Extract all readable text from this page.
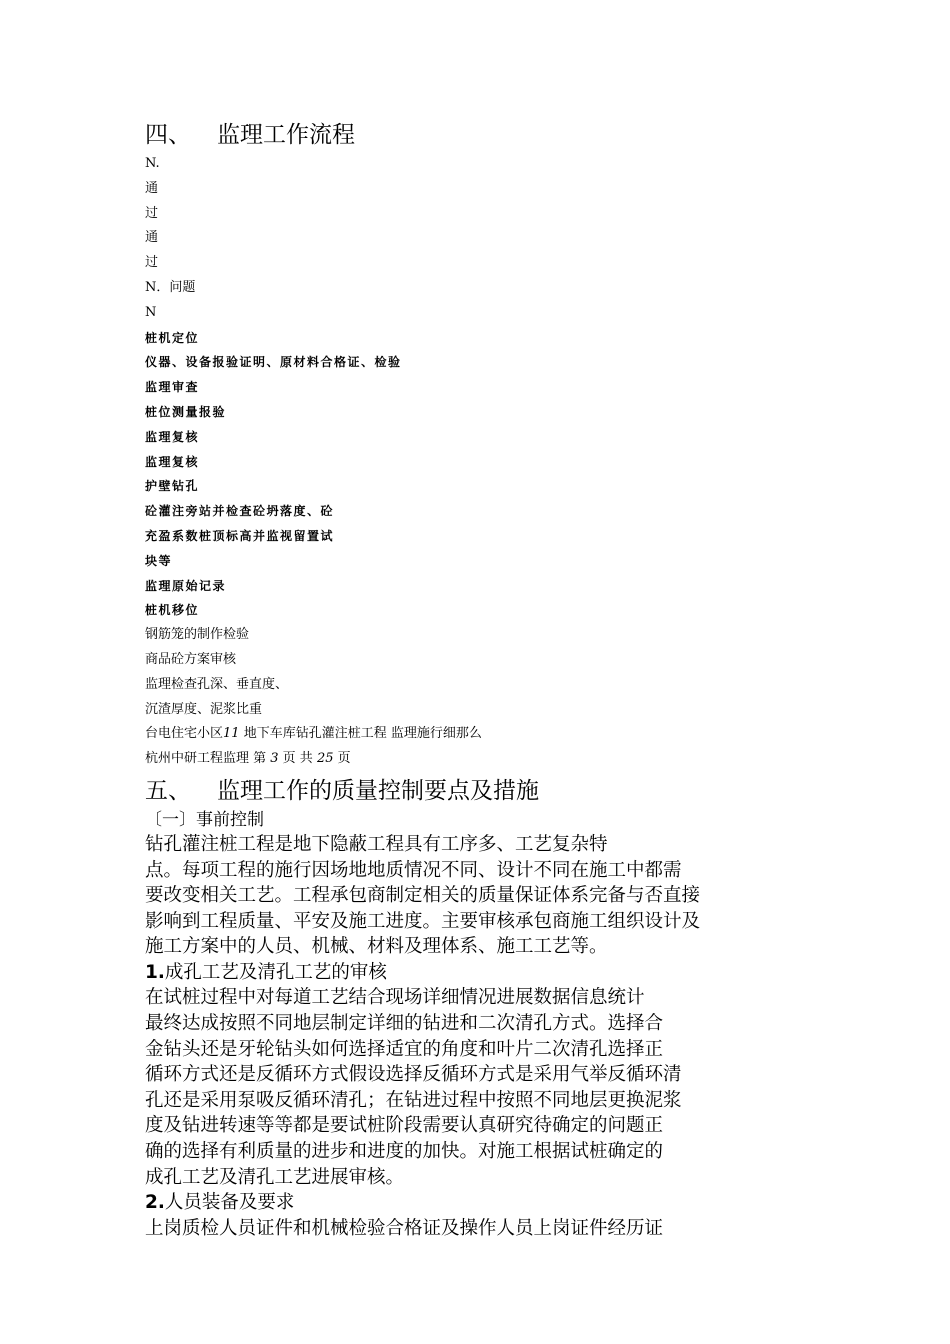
四、 监理工作流程
N.
通
过
通
过
N．问题
N
桩机定位
仪器、设备报验证明、原材料合格证、检验
监理审查
桩位测量报验
监理复核
监理复核
护壁钻孔
砼灌注旁站并检查砼坍落度、砼
充盈系数桩顶标高并监视留置试
块等
监理原始记录
桩机移位
钢筋笼的制作检验
商品砼方案审核
监理检查孔深、垂直度、
沉渣厚度、泥浆比重
台电住宅小区11 地下车库钻孔灌注桩工程 监理施行细那么
杭州中研工程监理 第 3 页 共 25 页
五、 监理工作的质量控制要点及措施
〔一〕事前控制
钻孔灌注桩工程是地下隐蔽工程具有工序多、工艺复杂特
点。每项工程的施行因场地地质情况不同、设计不同在施工中都需
要改变相关工艺。工程承包商制定相关的质量保证体系完备与否直接
影响到工程质量、平安及施工进度。主要审核承包商施工组织设计及
施工方案中的人员、机械、材料及理体系、施工工艺等。
1.成孔工艺及清孔工艺的审核
在试桩过程中对每道工艺结合现场详细情况进展数据信息统计
最终达成按照不同地层制定详细的钻进和二次清孔方式。选择合
金钻头还是牙轮钻头如何选择适宜的角度和叶片二次清孔选择正
循环方式还是反循环方式假设选择反循环方式是采用气举反循环清
孔还是采用泵吸反循环清孔；在钻进过程中按照不同地层更换泥浆
度及钻进转速等等都是要试桩阶段需要认真研究待确定的问题正
确的选择有利质量的进步和进度的加快。对施工根据试桩确定的
成孔工艺及清孔工艺进展审核。
2.人员装备及要求
上岗质检人员证件和机械检验合格证及操作人员上岗证件经历证
